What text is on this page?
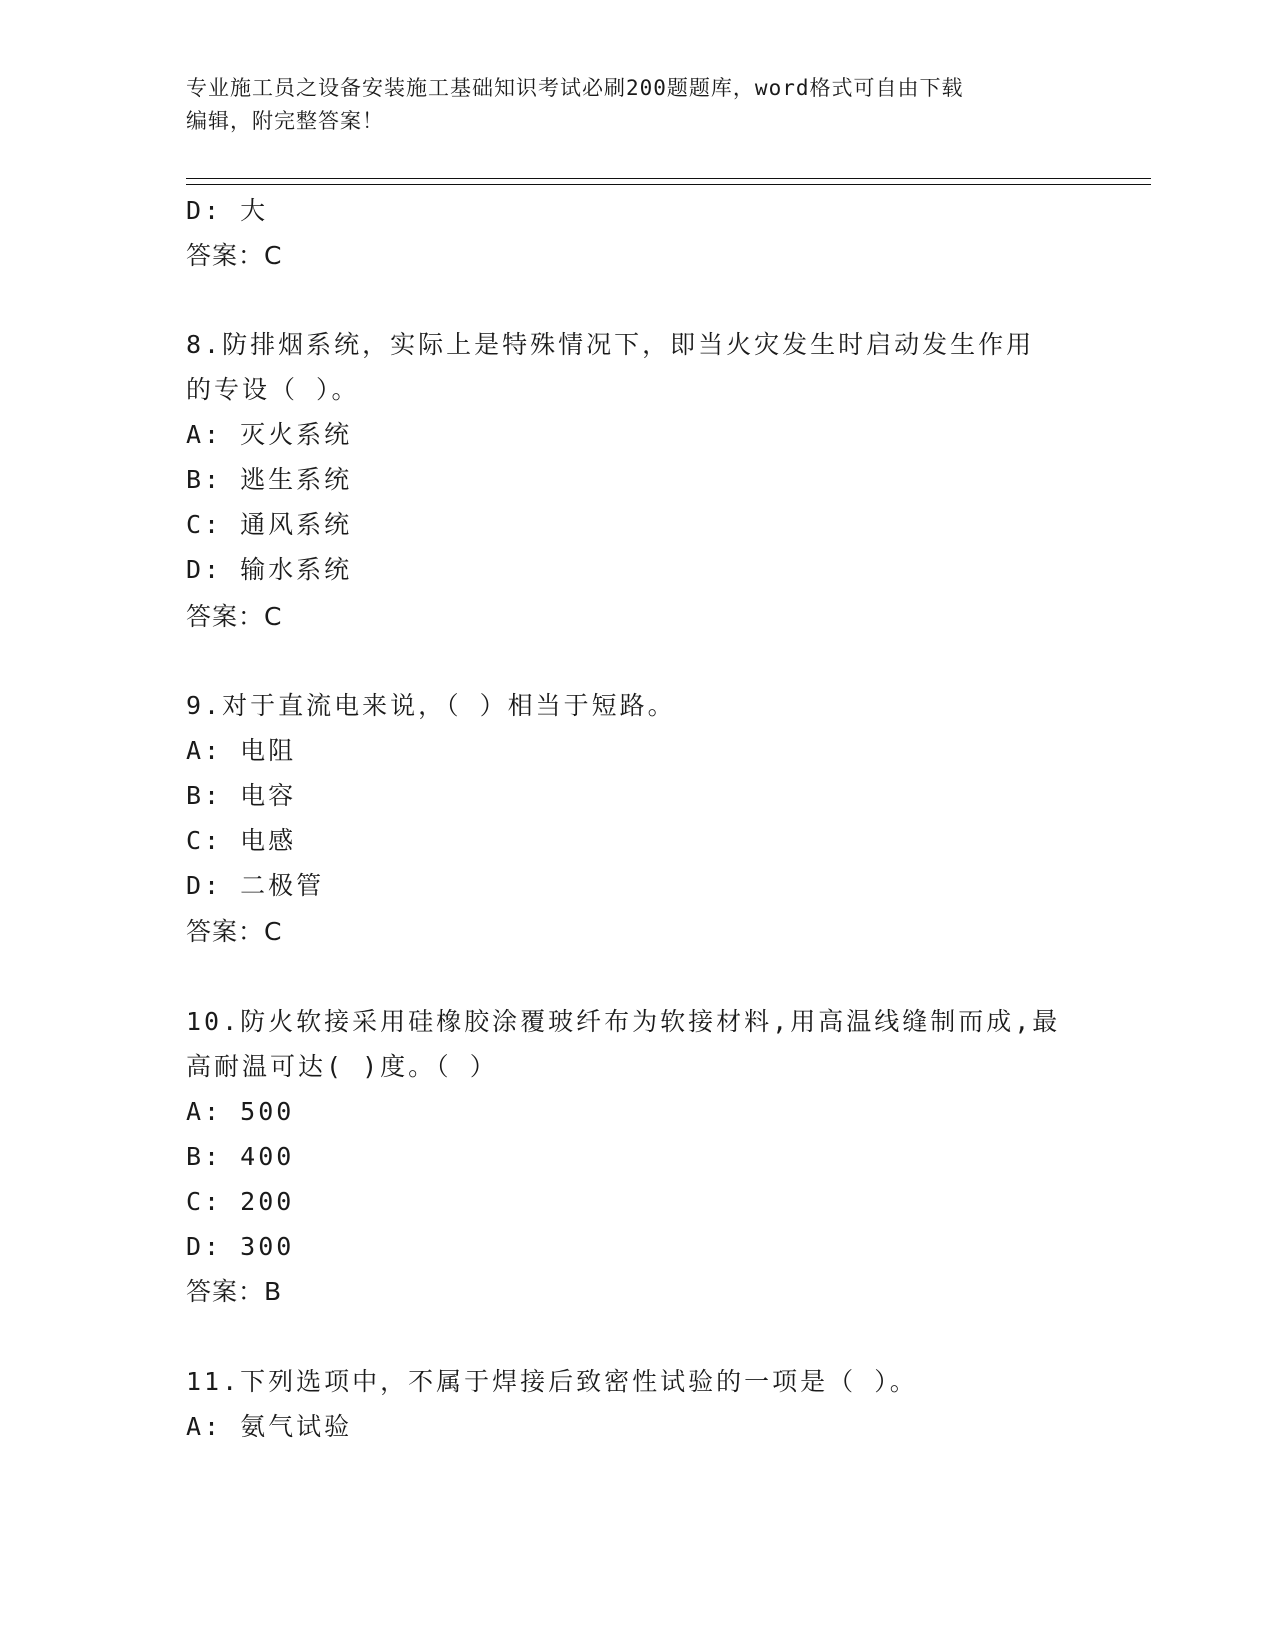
专业施工员之设备安装施工基础知识考试必刷200题题库，word格式可自由下载
编辑，附完整答案！
D: 大
答案：C
8.防排烟系统，实际上是特殊情况下，即当火灾发生时启动发生作用
的专设（ ）。
A: 灭火系统
B: 逃生系统
C: 通风系统
D: 输水系统
答案：C
9.对于直流电来说，（ ）相当于短路。
A: 电阻
B: 电容
C: 电感
D: 二极管
答案：C
10.防火软接采用硅橡胶涂覆玻纤布为软接材料,用高温线缝制而成,最
高耐温可达( )度。（ ）
A: 500
B: 400
C: 200
D: 300
答案：B
11.下列选项中，不属于焊接后致密性试验的一项是（ ）。
A: 氨气试验
